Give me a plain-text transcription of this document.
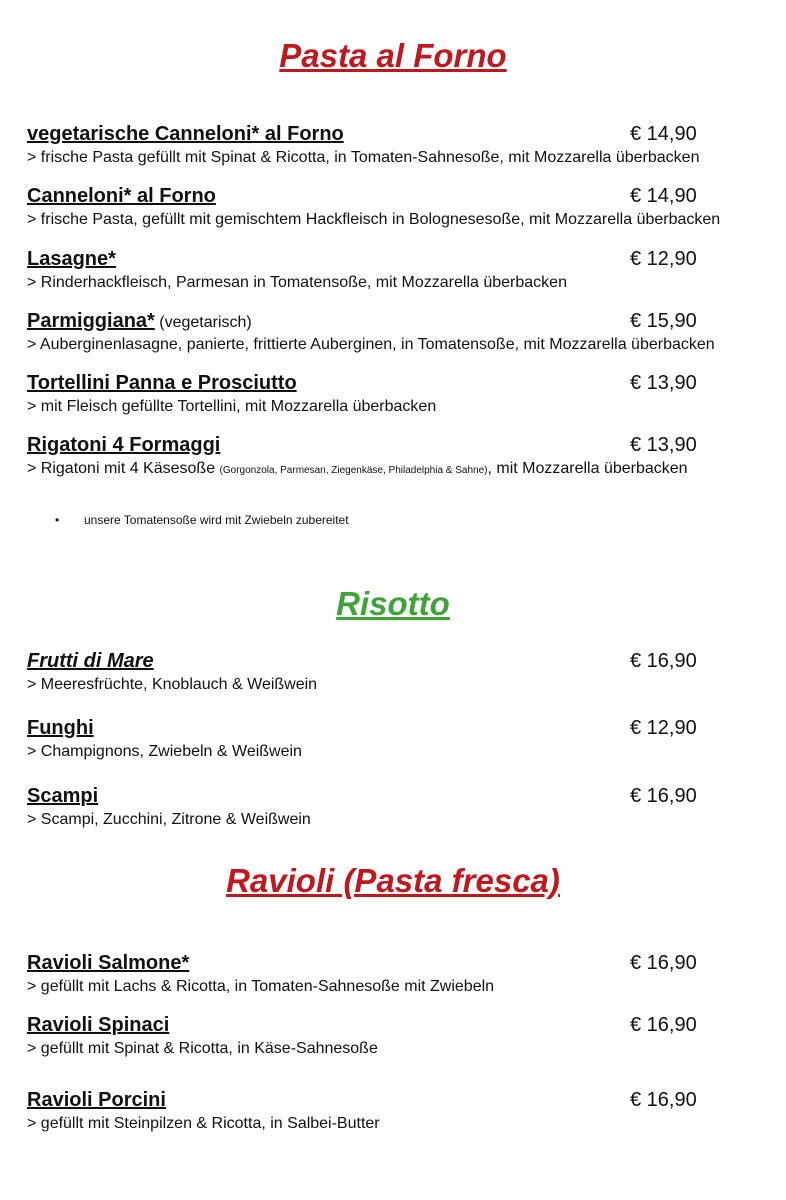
Pasta al Forno
vegetarische Canneloni* al Forno	€ 14,90
> frische Pasta gefüllt mit Spinat & Ricotta, in Tomaten-Sahnesoße, mit Mozzarella überbacken
Canneloni* al Forno	€ 14,90
> frische Pasta, gefüllt mit gemischtem Hackfleisch in Bolognesesoße, mit Mozzarella überbacken
Lasagne*	€ 12,90
> Rinderhackfleisch, Parmesan in Tomatensoße, mit Mozzarella überbacken
Parmiggiana* (vegetarisch)	€ 15,90
> Auberginenlasagne, panierte, frittierte Auberginen, in Tomatensoße, mit Mozzarella überbacken
Tortellini Panna e Prosciutto	€ 13,90
> mit Fleisch gefüllte Tortellini, mit Mozzarella überbacken
Rigatoni 4 Formaggi	€ 13,90
> Rigatoni mit 4 Käsesoße (Gorgonzola, Parmesan, Ziegenkäse, Philadelphia & Sahne), mit Mozzarella überbacken
• unsere Tomatensoße wird mit Zwiebeln zubereitet
Risotto
Frutti di Mare	€ 16,90
> Meeresfrüchte, Knoblauch & Weißwein
Funghi	€ 12,90
> Champignons, Zwiebeln & Weißwein
Scampi	€ 16,90
> Scampi, Zucchini, Zitrone & Weißwein
Ravioli (Pasta fresca)
Ravioli Salmone*	€ 16,90
> gefüllt mit Lachs & Ricotta, in Tomaten-Sahnesoße mit Zwiebeln
Ravioli Spinaci	€ 16,90
> gefüllt mit Spinat & Ricotta, in Käse-Sahnesoße
Ravioli Porcini	€ 16,90
> gefüllt mit Steinpilzen & Ricotta, in Salbei-Butter
